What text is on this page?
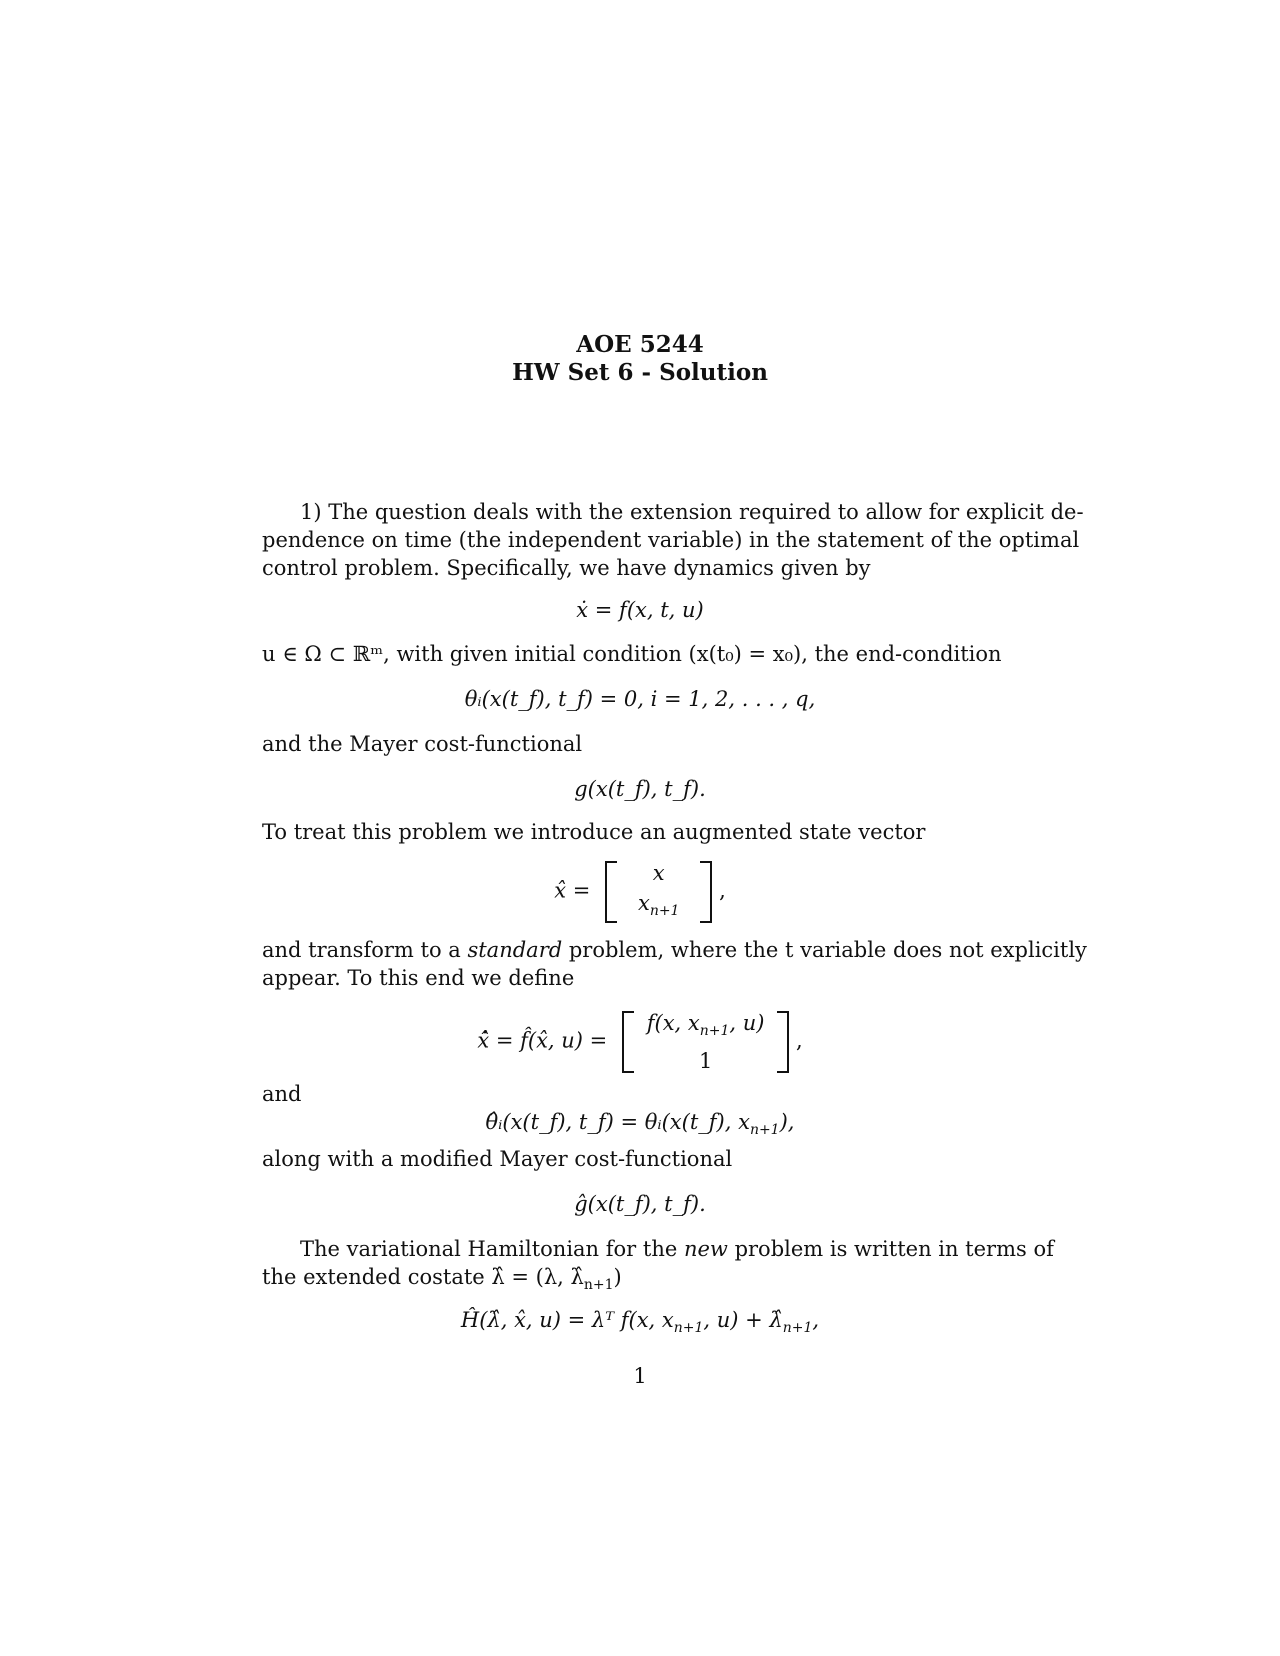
AOE 5244
HW Set 6 - Solution
1) The question deals with the extension required to allow for explicit de-
pendence on time (the independent variable) in the statement of the optimal
control problem. Specifically, we have dynamics given by
ẋ = f(x, t, u)
u ∈ Ω ⊂ ℝᵐ, with given initial condition (x(t₀) = x₀), the end-condition
θᵢ(x(t_f), t_f) = 0, i = 1, 2, . . . , q,
and the Mayer cost-functional
g(x(t_f), t_f).
To treat this problem we introduce an augmented state vector
x̂ =
x
$x_{n+1}$
,
and transform to a standard problem, where the t variable does not explicitly
appear. To this end we define
x̂̇ = f̂(x̂, u) =
f(x, $x_{n+1}$, u)
1
,
and
θ̂ᵢ(x(t_f), t_f) = θᵢ(x(t_f), $x_{n+1}$),
along with a modified Mayer cost-functional
ĝ(x(t_f), t_f).
The variational Hamiltonian for the new problem is written in terms of
the extended costate λ̂ = (λ, $\lambdâ_{n+1}$)
Ĥ(λ̂, x̂, u) = λᵀ f(x, $x_{n+1}$, $u) + \lambdâ_{n+1}$,
1
